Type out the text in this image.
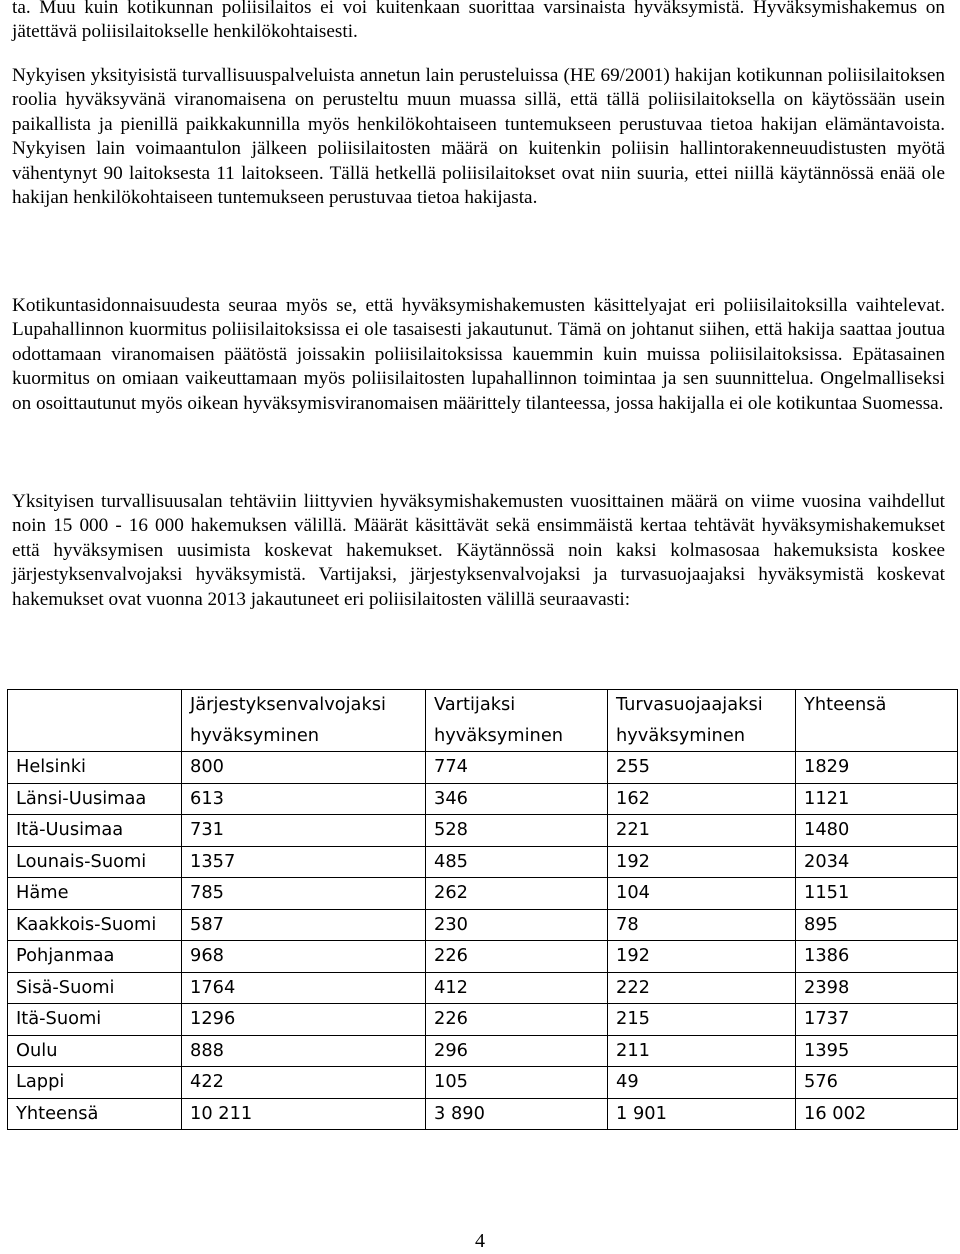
ta. Muu kuin kotikunnan poliisilaitos ei voi kuitenkaan suorittaa varsinaista hyväksymistä. Hyväksymishakemus on jätettävä poliisilaitokselle henkilökohtaisesti.

Nykyisen yksityisistä turvallisuuspalveluista annetun lain perusteluissa (HE 69/2001) hakijan kotikunnan poliisilaitoksen roolia hyväksyvänä viranomaisena on perusteltu muun muassa sillä, että tällä poliisilaitoksella on käytössään usein paikallista ja pienillä paikkakunnilla myös henkilökohtaiseen tuntemukseen perustuvaa tietoa hakijan elämäntavoista. Nykyisen lain voimaantulon jälkeen poliisilaitosten määrä on kuitenkin poliisin hallintorakenneuudistusten myötä vähentynyt 90 laitoksesta 11 laitokseen. Tällä hetkellä poliisilaitokset ovat niin suuria, ettei niillä käytännössä enää ole hakijan henkilökohtaiseen tuntemukseen perustuvaa tietoa hakijasta.

Kotikuntasidonnaisuudesta seuraa myös se, että hyväksymishakemusten käsittelyajat eri poliisilaitoksilla vaihtelevat. Lupahallinnon kuormitus poliisilaitoksissa ei ole tasaisesti jakautunut. Tämä on johtanut siihen, että hakija saattaa joutua odottamaan viranomaisen päätöstä joissakin poliisilaitoksissa kauemmin kuin muissa poliisilaitoksissa. Epätasainen kuormitus on omiaan vaikeuttamaan myös poliisilaitosten lupahallinnon toimintaa ja sen suunnittelua. Ongelmalliseksi on osoittautunut myös oikean hyväksymisviranomaisen määrittely tilanteessa, jossa hakijalla ei ole kotikuntaa Suomessa.

Yksityisen turvallisuusalan tehtäviin liittyvien hyväksymishakemusten vuosittainen määrä on viime vuosina vaihdellut noin 15 000 - 16 000 hakemuksen välillä. Määrät käsittävät sekä ensimmäistä kertaa tehtävät hyväksymishakemukset että hyväksymisen uusimista koskevat hakemukset. Käytännössä noin kaksi kolmasosaa hakemuksista koskee järjestyksenvalvojaksi hyväksymistä. Vartijaksi, järjestyksenvalvojaksi ja turvasuojaajaksi hyväksymistä koskevat hakemukset ovat vuonna 2013 jakautuneet eri poliisilaitosten välillä seuraavasti:

	Järjestyksenvalvojaksi hyväksyminen	Vartijaksi hyväksyminen	Turvasuojaajaksi hyväksyminen	Yhteensä
Helsinki	800	774	255	1829
Länsi-Uusimaa	613	346	162	1121
Itä-Uusimaa	731	528	221	1480
Lounais-Suomi	1357	485	192	2034
Häme	785	262	104	1151
Kaakkois-Suomi	587	230	78	895
Pohjanmaa	968	226	192	1386
Sisä-Suomi	1764	412	222	2398
Itä-Suomi	1296	226	215	1737
Oulu	888	296	211	1395
Lappi	422	105	49	576
Yhteensä	10 211	3 890	1 901	16 002
4
